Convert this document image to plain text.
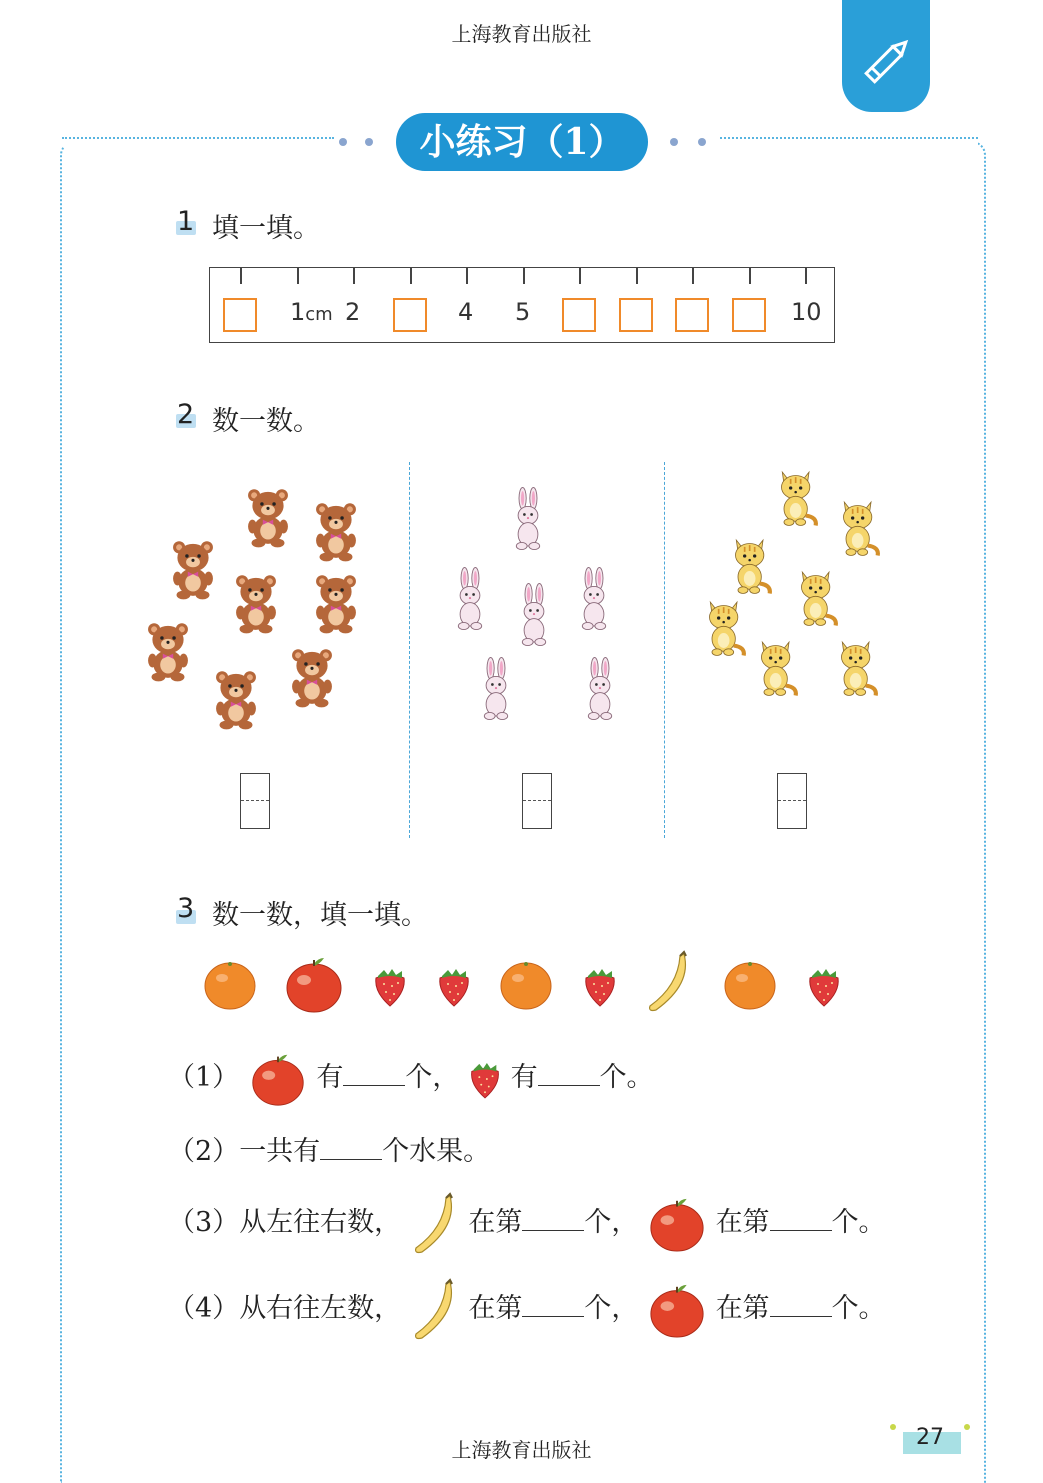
上海教育出版社
小练习（1）
1 填一填。
1cm 2	4 5	10
2 数一数。
3 数一数，填一填。
（1）	有 个， 有 个。
（2）一共有 个水果。
（3）从左往右数， 在第 个，	在第 个。
（4）从右往左数， 在第 个，	在第 个。
27
上海教育出版社
